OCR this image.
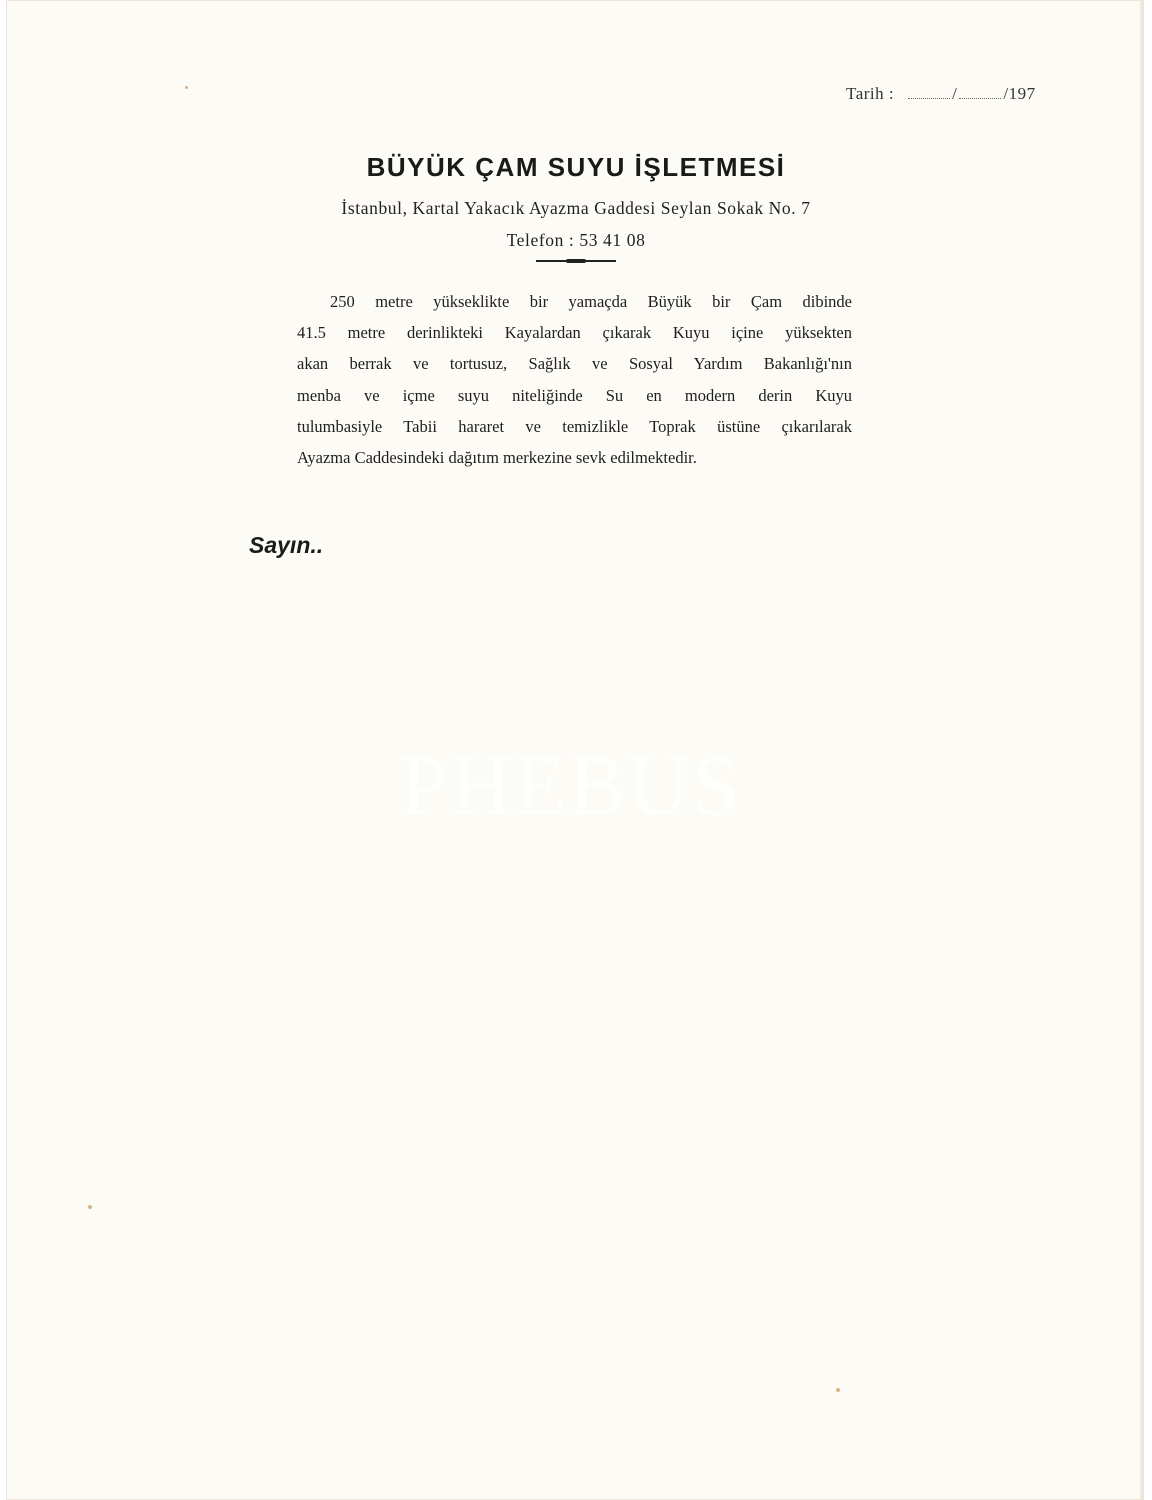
Tarih :	/	/197
BÜYÜK ÇAM SUYU İŞLETMESİ
İstanbul, Kartal Yakacık Ayazma Gaddesi Seylan Sokak No. 7
Telefon : 53 41 08
250 metre yükseklikte bir yamaçda Büyük bir Çam dibinde
41.5 metre derinlikteki Kayalardan çıkarak Kuyu içine yüksekten
akan berrak ve tortusuz, Sağlık ve Sosyal Yardım Bakanlığı'nın
menba ve içme suyu niteliğinde Su en modern derin Kuyu
tulumbasiyle Tabii hararet ve temizlikle Toprak üstüne çıkarılarak
Ayazma Caddesindeki dağıtım merkezine sevk edilmektedir.
Sayın..
PHEBUS
